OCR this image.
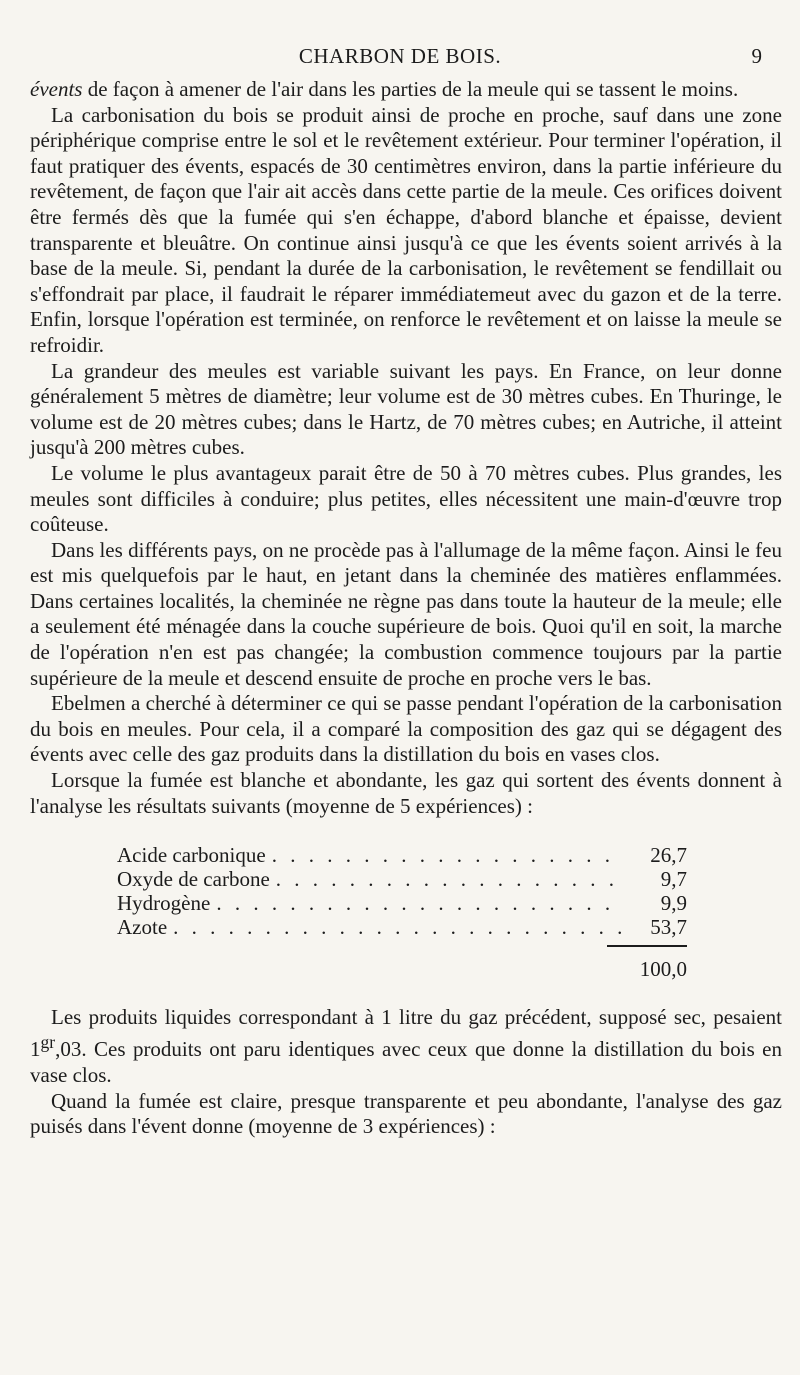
CHARBON DE BOIS.	9

évents de façon à amener de l'air dans les parties de la meule qui se tassent le moins.

La carbonisation du bois se produit ainsi de proche en proche, sauf dans une zone périphérique comprise entre le sol et le revêtement extérieur. Pour terminer l'opération, il faut pratiquer des évents, espacés de 30 centimètres environ, dans la partie inférieure du revêtement, de façon que l'air ait accès dans cette partie de la meule. Ces orifices doivent être fermés dès que la fumée qui s'en échappe, d'abord blanche et épaisse, devient transparente et bleuâtre. On continue ainsi jusqu'à ce que les évents soient arrivés à la base de la meule. Si, pendant la durée de la carbonisation, le revêtement se fendillait ou s'effondrait par place, il faudrait le réparer immédiatemeut avec du gazon et de la terre. Enfin, lorsque l'opération est terminée, on renforce le revêtement et on laisse la meule se refroidir.

La grandeur des meules est variable suivant les pays. En France, on leur donne généralement 5 mètres de diamètre; leur volume est de 30 mètres cubes. En Thuringe, le volume est de 20 mètres cubes; dans le Hartz, de 70 mètres cubes; en Autriche, il atteint jusqu'à 200 mètres cubes.

Le volume le plus avantageux parait être de 50 à 70 mètres cubes. Plus grandes, les meules sont difficiles à conduire; plus petites, elles nécessitent une main-d'œuvre trop coûteuse.

Dans les différents pays, on ne procède pas à l'allumage de la même façon. Ainsi le feu est mis quelquefois par le haut, en jetant dans la cheminée des matières enflammées. Dans certaines localités, la cheminée ne règne pas dans toute la hauteur de la meule; elle a seulement été ménagée dans la couche supérieure de bois. Quoi qu'il en soit, la marche de l'opération n'en est pas changée; la combustion commence toujours par la partie supérieure de la meule et descend ensuite de proche en proche vers le bas.

Ebelmen a cherché à déterminer ce qui se passe pendant l'opération de la carbonisation du bois en meules. Pour cela, il a comparé la composition des gaz qui se dégagent des évents avec celle des gaz produits dans la distillation du bois en vases clos.

Lorsque la fumée est blanche et abondante, les gaz qui sortent des évents donnent à l'analyse les résultats suivants (moyenne de 5 expériences) :

Acide carbonique . . .	26,7
Oxyde de carbone . . .	9,7
Hydrogène . . .	9,9
Azote . . .	53,7
100,0

Les produits liquides correspondant à 1 litre du gaz précédent, supposé sec, pesaient $1^{gr},03$. Ces produits ont paru identiques avec ceux que donne la distillation du bois en vase clos.

Quand la fumée est claire, presque transparente et peu abondante, l'analyse des gaz puisés dans l'évent donne (moyenne de 3 expériences) :
